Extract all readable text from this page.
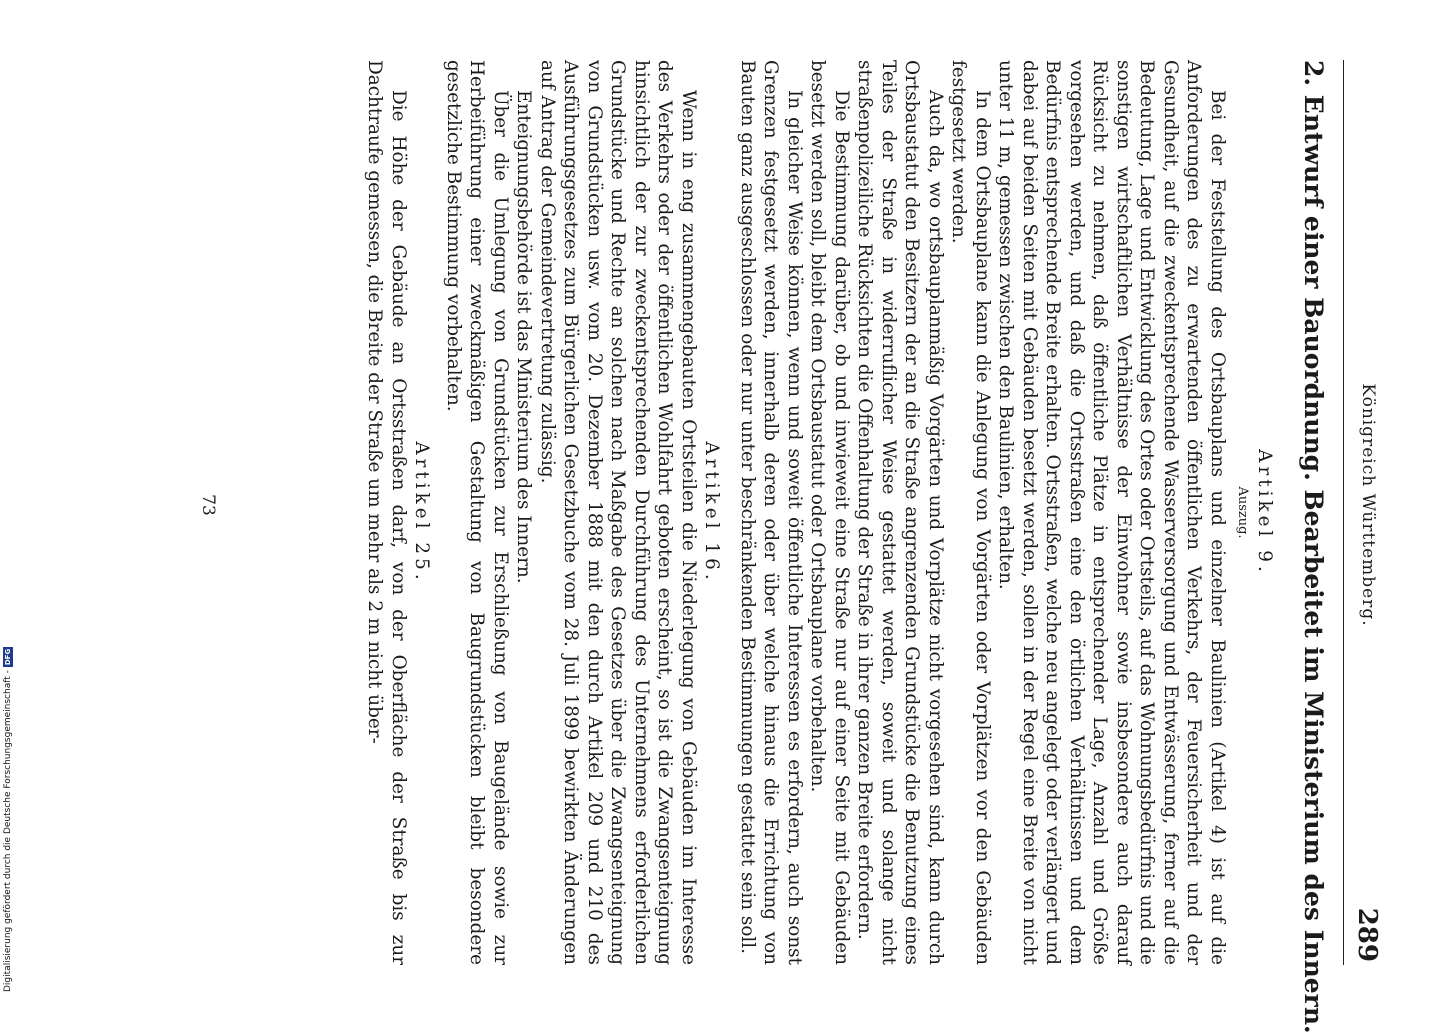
Königreich Württemberg.
289
2. Entwurf einer Bauordnung. Bearbeitet im Ministerium des Innern.
Artikel 9.
Auszug.

Bei der Feststellung des Ortsbauplans und einzelner Baulinien (Artikel 4) ist auf die Anforderungen des zu erwartenden öffentlichen Verkehrs, der Feuersicherheit und der Gesundheit, auf die zweckentsprechende Wasserversorgung und Entwässerung, ferner auf die Bedeutung, Lage und Entwicklung des Ortes oder Ortsteils, auf das Wohnungsbedürfnis und die sonstigen wirtschaftlichen Verhältnisse der Einwohner sowie insbesondere auch darauf Rücksicht zu nehmen, daß öffentliche Plätze in entsprechender Lage, Anzahl und Größe vorgesehen werden, und daß die Ortsstraßen eine den örtlichen Verhältnissen und dem Bedürfnis entsprechende Breite erhalten. Ortsstraßen, welche neu angelegt oder verlängert und dabei auf beiden Seiten mit Gebäuden besetzt werden, sollen in der Regel eine Breite von nicht unter 11 m, gemessen zwischen den Baulinien, erhalten.

In dem Ortsbauplane kann die Anlegung von Vorgärten oder Vorplätzen vor den Gebäuden festgesetzt werden.

Auch da, wo ortsbauplanmäßig Vorgärten und Vorplätze nicht vorgesehen sind, kann durch Ortsbaustatut den Besitzern der an die Straße angrenzenden Grundstücke die Benutzung eines Teiles der Straße in widerruflicher Weise gestattet werden, soweit und solange nicht straßenpolizeiliche Rücksichten die Offenhaltung der Straße in ihrer ganzen Breite erfordern.

Die Bestimmung darüber, ob und inwieweit eine Straße nur auf einer Seite mit Gebäuden besetzt werden soll, bleibt dem Ortsbaustatut oder Ortsbauplane vorbehalten.

In gleicher Weise können, wenn und soweit öffentliche Interessen es erfordern, auch sonst Grenzen festgesetzt werden, innerhalb deren oder über welche hinaus die Errichtung von Bauten ganz ausgeschlossen oder nur unter beschränkenden Bestimmungen gestattet sein soll.

Artikel 16.

Wenn in eng zusammengebauten Ortsteilen die Niederlegung von Gebäuden im Interesse des Verkehrs oder der öffentlichen Wohlfahrt geboten erscheint, so ist die Zwangsenteignung hinsichtlich der zur zweckentsprechenden Durchführung des Unternehmens erforderlichen Grundstücke und Rechte an solchen nach Maßgabe des Gesetzes über die Zwangsenteignung von Grundstücken usw. vom 20. Dezember 1888 mit den durch Artikel 209 und 210 des Ausführungsgesetzes zum Bürgerlichen Gesetzbuche vom 28. Juli 1899 bewirkten Änderungen auf Antrag der Gemeindevertretung zulässig.

Enteignungsbehörde ist das Ministerium des Innern.

Über die Umlegung von Grundstücken zur Erschließung von Baugelände sowie zur Herbeiführung einer zweckmäßigen Gestaltung von Baugrundstücken bleibt besondere gesetzliche Bestimmung vorbehalten.

Artikel 25.

Die Höhe der Gebäude an Ortsstraßen darf, von der Oberfläche der Straße bis zur Dachtraufe gemessen, die Breite der Straße um mehr als 2 m nicht über-

73
Digitalisierung gefördert durch die Deutsche Forschungsgemeinschaft -
DFG
